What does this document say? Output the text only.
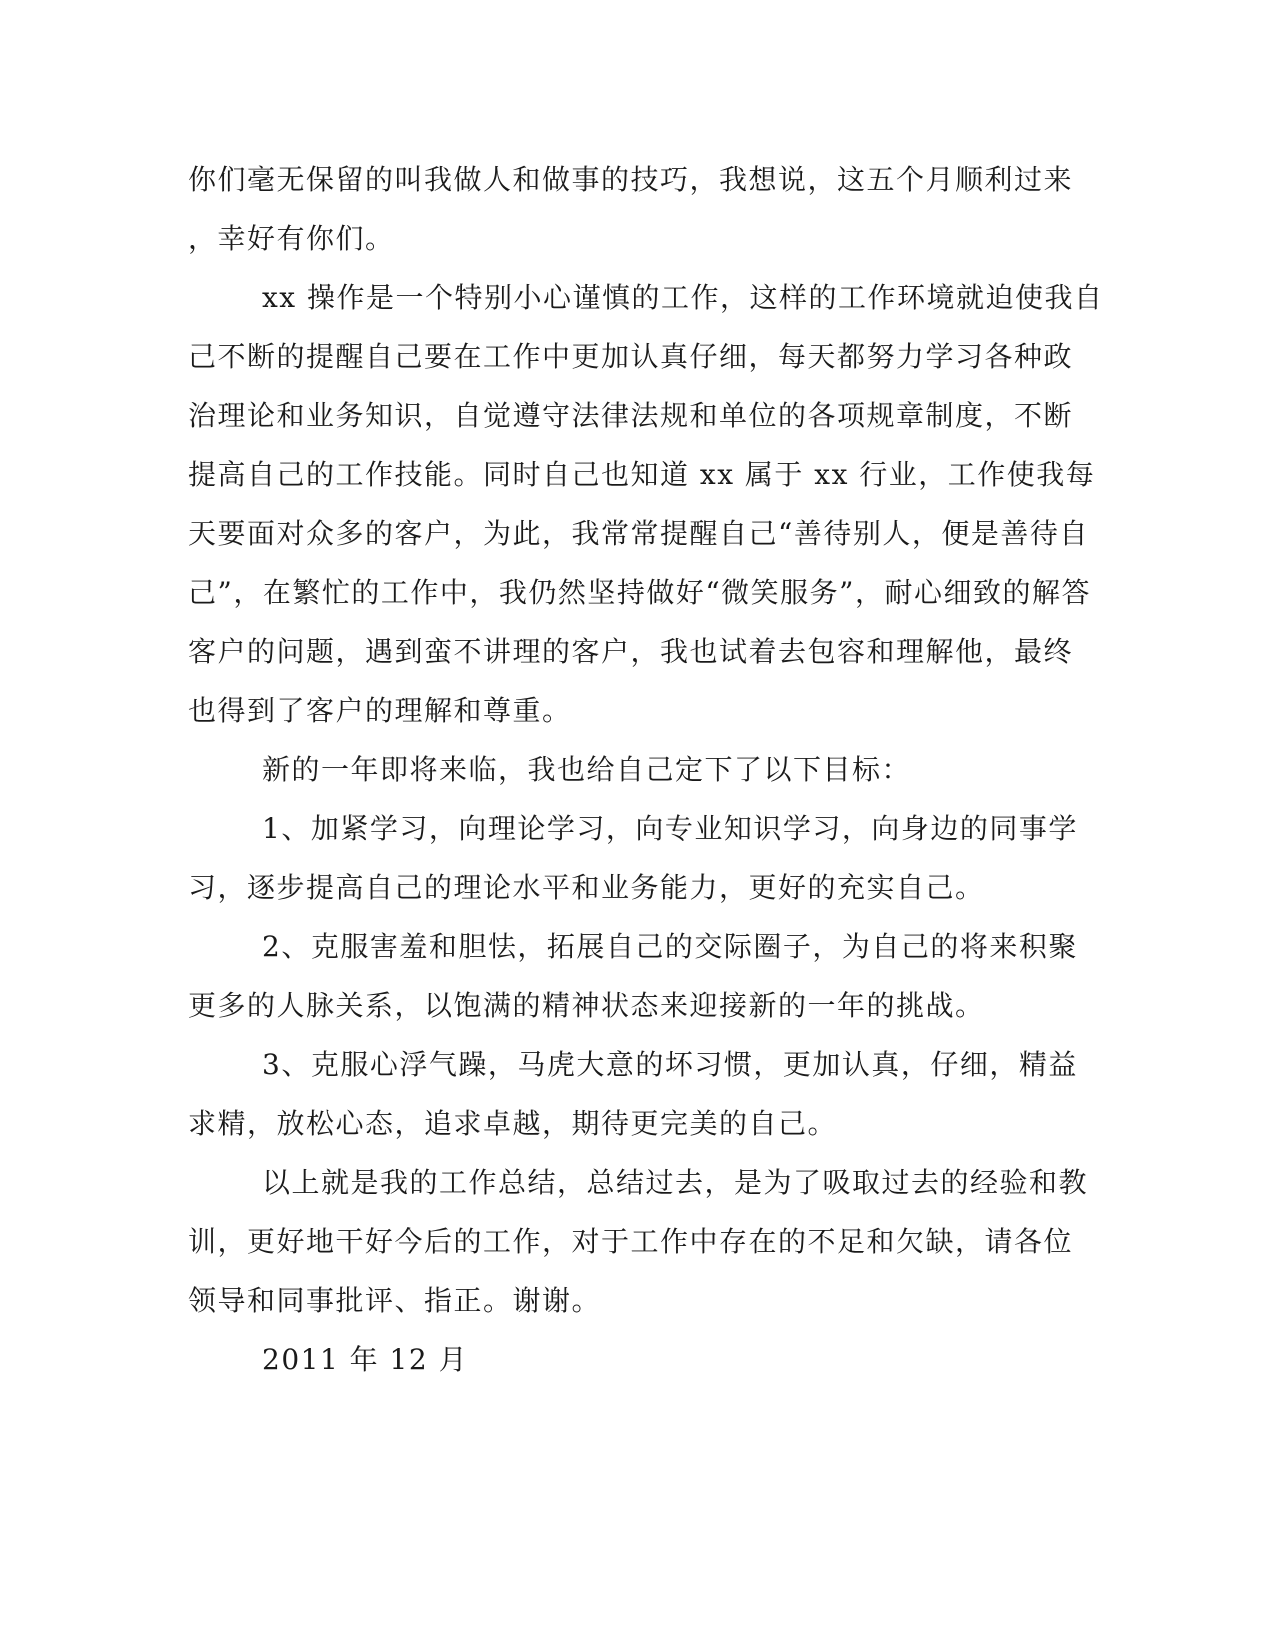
你们毫无保留的叫我做人和做事的技巧，我想说，这五个月顺利过来
，幸好有你们。
xx 操作是一个特别小心谨慎的工作，这样的工作环境就迫使我自
己不断的提醒自己要在工作中更加认真仔细，每天都努力学习各种政
治理论和业务知识，自觉遵守法律法规和单位的各项规章制度，不断
提高自己的工作技能。同时自己也知道 xx 属于 xx 行业，工作使我每
天要面对众多的客户，为此，我常常提醒自己“善待别人，便是善待自
己”，在繁忙的工作中，我仍然坚持做好“微笑服务”，耐心细致的解答
客户的问题，遇到蛮不讲理的客户，我也试着去包容和理解他，最终
也得到了客户的理解和尊重。
新的一年即将来临，我也给自己定下了以下目标：
1、加紧学习，向理论学习，向专业知识学习，向身边的同事学
习，逐步提高自己的理论水平和业务能力，更好的充实自己。
2、克服害羞和胆怯，拓展自己的交际圈子，为自己的将来积聚
更多的人脉关系，以饱满的精神状态来迎接新的一年的挑战。
3、克服心浮气躁，马虎大意的坏习惯，更加认真，仔细，精益
求精，放松心态，追求卓越，期待更完美的自己。
以上就是我的工作总结，总结过去，是为了吸取过去的经验和教
训，更好地干好今后的工作，对于工作中存在的不足和欠缺，请各位
领导和同事批评、指正。谢谢。
2011 年 12 月
